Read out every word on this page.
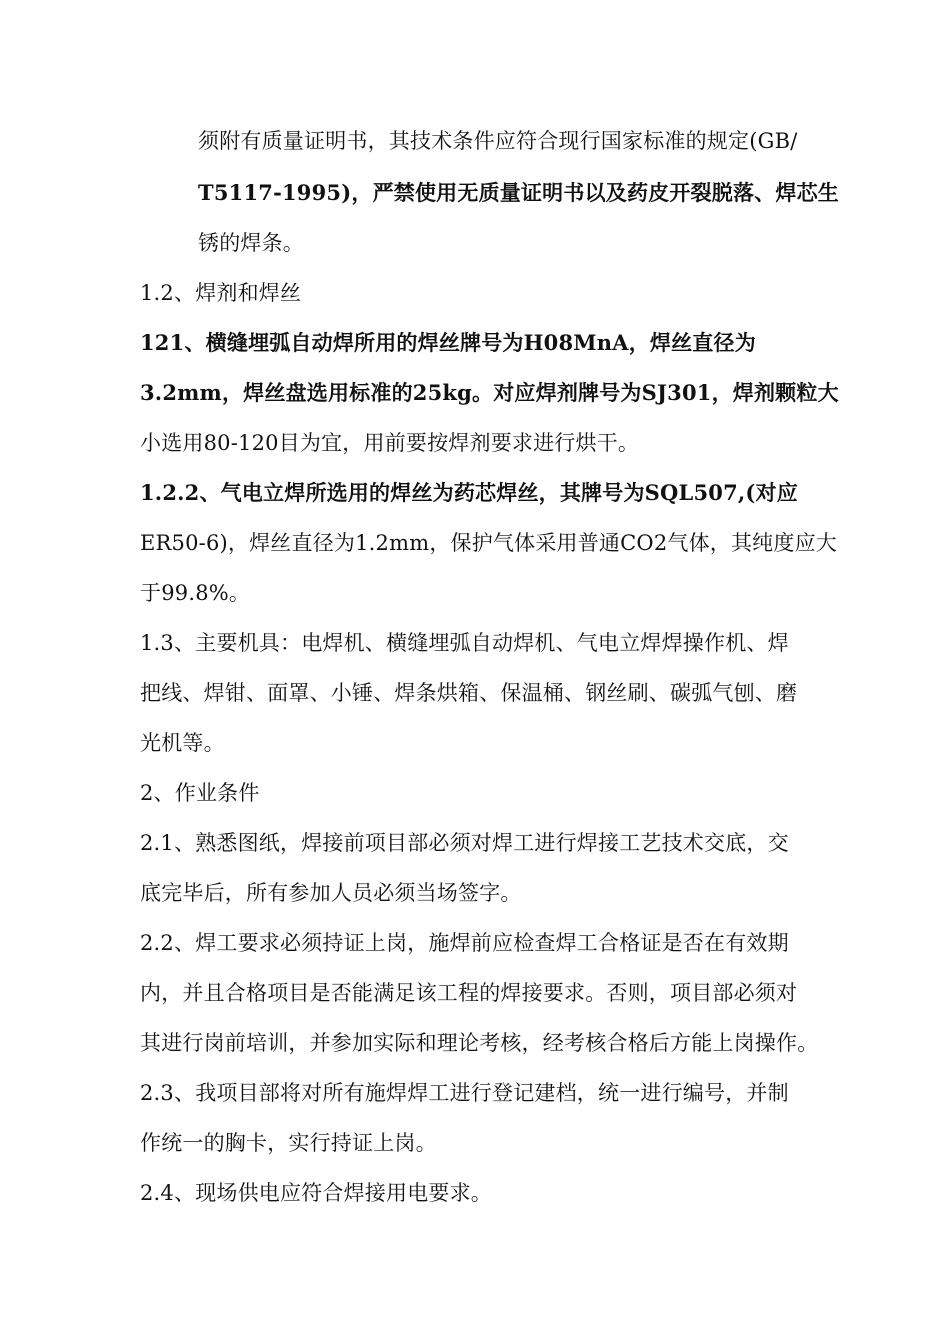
须附有质量证明书，其技术条件应符合现行国家标准的规定(GB/
T5117-1995)，严禁使用无质量证明书以及药皮开裂脱落、焊芯生
锈的焊条。
1.2、焊剂和焊丝
121、横缝埋弧自动焊所用的焊丝牌号为H08MnA，焊丝直径为
3.2mm，焊丝盘选用标准的25kg。对应焊剂牌号为SJ301，焊剂颗粒大
小选用80-120目为宜，用前要按焊剂要求进行烘干。
1.2.2、气电立焊所选用的焊丝为药芯焊丝，其牌号为SQL507,(对应
ER50-6)，焊丝直径为1.2mm，保护气体采用普通CO2气体，其纯度应大
于99.8%。
1.3、主要机具：电焊机、横缝埋弧自动焊机、气电立焊焊操作机、焊
把线、焊钳、面罩、小锤、焊条烘箱、保温桶、钢丝刷、碳弧气刨、磨
光机等。
2、作业条件
2.1、熟悉图纸，焊接前项目部必须对焊工进行焊接工艺技术交底，交
底完毕后，所有参加人员必须当场签字。
2.2、焊工要求必须持证上岗，施焊前应检查焊工合格证是否在有效期
内，并且合格项目是否能满足该工程的焊接要求。否则，项目部必须对
其进行岗前培训，并参加实际和理论考核，经考核合格后方能上岗操作。
2.3、我项目部将对所有施焊焊工进行登记建档，统一进行编号，并制
作统一的胸卡，实行持证上岗。
2.4、现场供电应符合焊接用电要求。
